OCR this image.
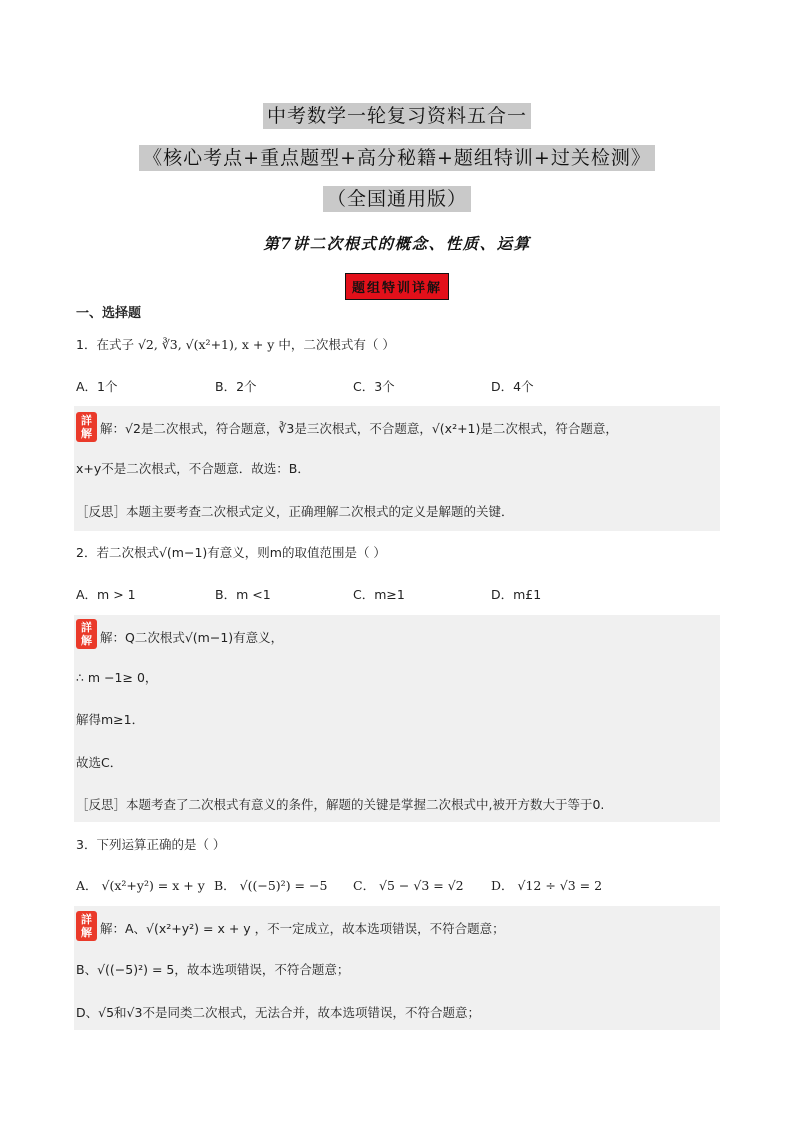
中考数学一轮复习资料五合一
《核心考点+重点题型+高分秘籍+题组特训+过关检测》
（全国通用版）
第7讲二次根式的概念、性质、运算
题组特训详解
一、选择题
1．在式子 √2, ∛3, √(x²+1), x + y 中，二次根式有（ ）
A．1个	B．2个	C．3个	D．4个
詳解 解：√2是二次根式，符合题意，∛3是三次根式，不合题意，√(x²+1)是二次根式，符合题意，
x+y不是二次根式，不合题意．故选：B．
［反思］本题主要考查二次根式定义，正确理解二次根式的定义是解题的关键．
2．若二次根式√(m−1)有意义，则m的取值范围是（ ）
A．m > 1	B．m <1	C．m≥1	D．m£1
詳解 解：Q二次根式√(m−1)有意义，
∴ m −1≥ 0，
解得m≥1．
故选C．
［反思］本题考查了二次根式有意义的条件，解题的关键是掌握二次根式中,被开方数大于等于0.
3．下列运算正确的是（ ）
A． √(x²+y²) = x + y B． √((−5)²) = −5 C． √5 − √3 = √2 D． √12 ÷ √3 = 2
詳解 解：A、√(x²+y²) = x + y ，不一定成立，故本选项错误，不符合题意；
B、√((−5)²) = 5，故本选项错误，不符合题意；
D、√5和√3不是同类二次根式，无法合并，故本选项错误，不符合题意；
